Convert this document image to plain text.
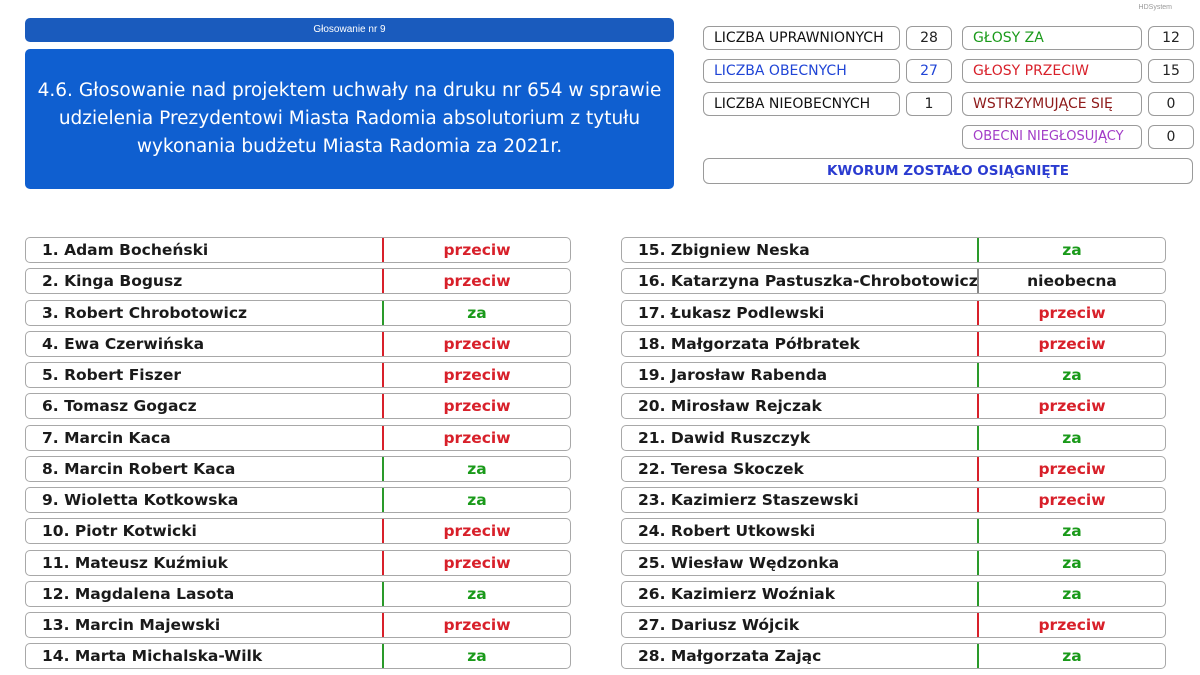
HDSystem
Głosowanie nr 9
4.6. Głosowanie nad projektem uchwały na druku nr 654 w sprawie udzielenia Prezydentowi Miasta Radomia absolutorium z tytułu wykonania budżetu Miasta Radomia za 2021r.
LICZBA UPRAWNIONYCH	28
LICZBA OBECNYCH	27
LICZBA NIEOBECNYCH	1
GŁOSY ZA	12
GŁOSY PRZECIW	15
WSTRZYMUJĄCE SIĘ	0
OBECNI NIEGŁOSUJĄCY	0
KWORUM ZOSTAŁO OSIĄGNIĘTE
1. Adam Bocheński	przeciw
2. Kinga Bogusz	przeciw
3. Robert Chrobotowicz	za
4. Ewa Czerwińska	przeciw
5. Robert Fiszer	przeciw
6. Tomasz Gogacz	przeciw
7. Marcin Kaca	przeciw
8. Marcin Robert Kaca	za
9. Wioletta Kotkowska	za
10. Piotr Kotwicki	przeciw
11. Mateusz Kuźmiuk	przeciw
12. Magdalena Lasota	za
13. Marcin Majewski	przeciw
14. Marta Michalska-Wilk	za
15. Zbigniew Neska	za
16. Katarzyna Pastuszka-Chrobotowicz	nieobecna
17. Łukasz Podlewski	przeciw
18. Małgorzata Półbratek	przeciw
19. Jarosław Rabenda	za
20. Mirosław Rejczak	przeciw
21. Dawid Ruszczyk	za
22. Teresa Skoczek	przeciw
23. Kazimierz Staszewski	przeciw
24. Robert Utkowski	za
25. Wiesław Wędzonka	za
26. Kazimierz Woźniak	za
27. Dariusz Wójcik	przeciw
28. Małgorzata Zając	za
